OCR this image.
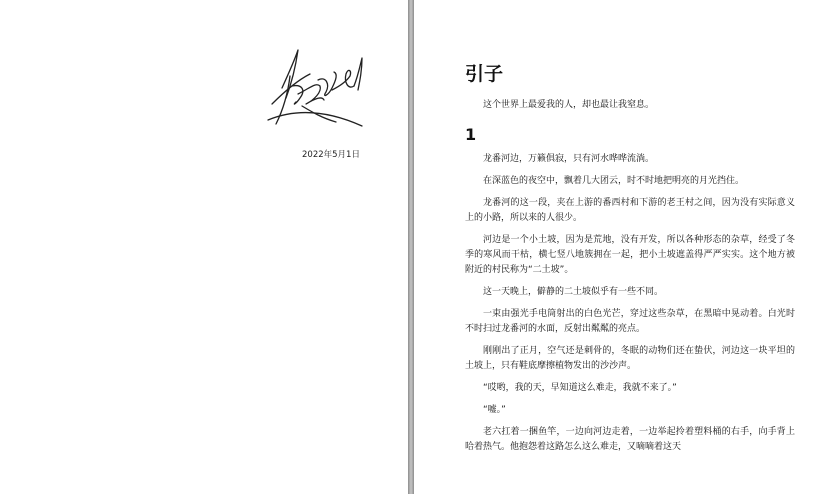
2022年5月1日
引子

这个世界上最爱我的人，却也最让我窒息。

1

龙番河边，万籁俱寂，只有河水哗哗流淌。

在深蓝色的夜空中，飘着几大团云，时不时地把明亮的月光挡住。

龙番河的这一段，夹在上游的番西村和下游的老王村之间，因为没有实际意义上的小路，所以来的人很少。

河边是一个小土坡，因为是荒地，没有开发，所以各种形态的杂草，经受了冬季的寒风而干枯，横七竖八地簇拥在一起，把小土坡遮盖得严严实实。这个地方被附近的村民称为“二土坡”。

这一天晚上，僻静的二土坡似乎有一些不同。

一束由强光手电筒射出的白色光芒，穿过这些杂草，在黑暗中晃动着。白光时不时扫过龙番河的水面，反射出粼粼的亮点。

刚刚出了正月，空气还是刺骨的，冬眠的动物们还在蛰伏，河边这一块平坦的土坡上，只有鞋底摩擦植物发出的沙沙声。

“哎哟，我的天，早知道这么难走，我就不来了。”

“嘘。”

老六扛着一捆鱼竿，一边向河边走着，一边举起拎着塑料桶的右手，向手背上哈着热气。他抱怨着这路怎么这么难走，又嘀嘀着这天
